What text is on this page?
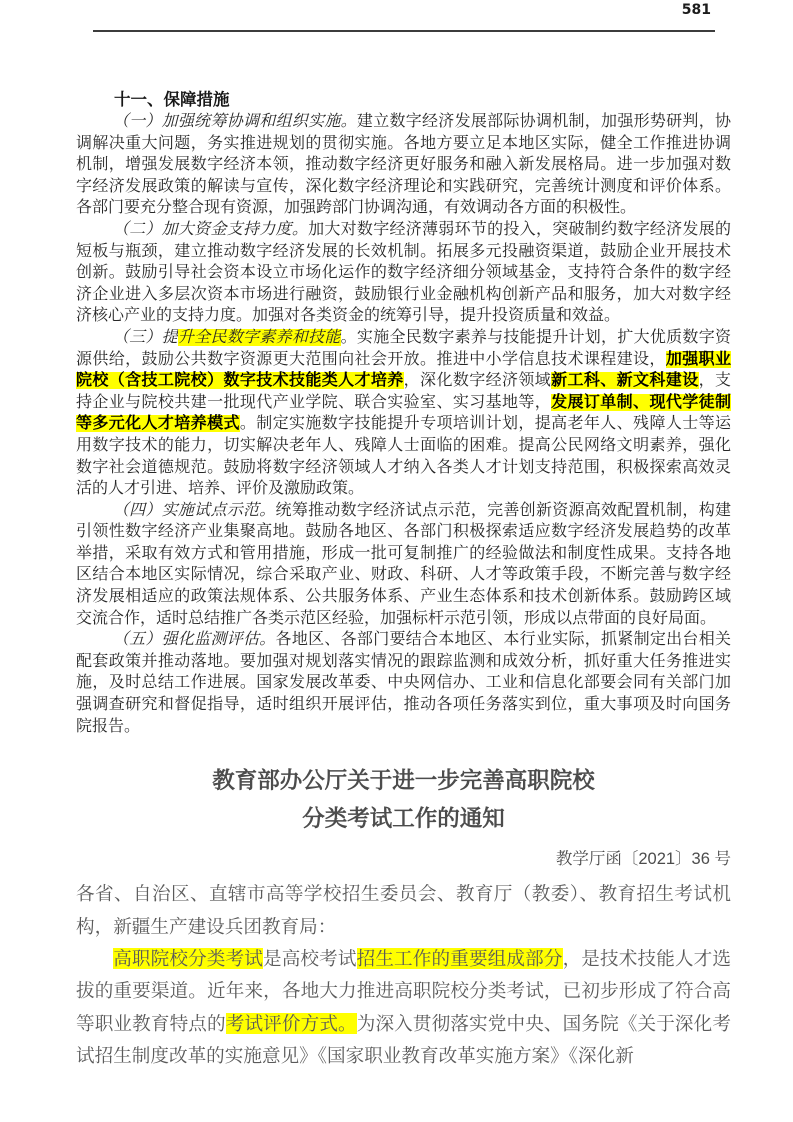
581
十一、保障措施

（一）加强统筹协调和组织实施。建立数字经济发展部际协调机制，加强形势研判，协调解决重大问题，务实推进规划的贯彻实施。各地方要立足本地区实际，健全工作推进协调机制，增强发展数字经济本领，推动数字经济更好服务和融入新发展格局。进一步加强对数字经济发展政策的解读与宣传，深化数字经济理论和实践研究，完善统计测度和评价体系。各部门要充分整合现有资源，加强跨部门协调沟通，有效调动各方面的积极性。

（二）加大资金支持力度。加大对数字经济薄弱环节的投入，突破制约数字经济发展的短板与瓶颈，建立推动数字经济发展的长效机制。拓展多元投融资渠道，鼓励企业开展技术创新。鼓励引导社会资本设立市场化运作的数字经济细分领域基金，支持符合条件的数字经济企业进入多层次资本市场进行融资，鼓励银行业金融机构创新产品和服务，加大对数字经济核心产业的支持力度。加强对各类资金的统筹引导，提升投资质量和效益。

（三）提升全民数字素养和技能。实施全民数字素养与技能提升计划，扩大优质数字资源供给，鼓励公共数字资源更大范围向社会开放。推进中小学信息技术课程建设，加强职业院校（含技工院校）数字技术技能类人才培养，深化数字经济领域新工科、新文科建设，支持企业与院校共建一批现代产业学院、联合实验室、实习基地等，发展订单制、现代学徒制等多元化人才培养模式。制定实施数字技能提升专项培训计划，提高老年人、残障人士等运用数字技术的能力，切实解决老年人、残障人士面临的困难。提高公民网络文明素养，强化数字社会道德规范。鼓励将数字经济领域人才纳入各类人才计划支持范围，积极探索高效灵活的人才引进、培养、评价及激励政策。

（四）实施试点示范。统筹推动数字经济试点示范，完善创新资源高效配置机制，构建引领性数字经济产业集聚高地。鼓励各地区、各部门积极探索适应数字经济发展趋势的改革举措，采取有效方式和管用措施，形成一批可复制推广的经验做法和制度性成果。支持各地区结合本地区实际情况，综合采取产业、财政、科研、人才等政策手段，不断完善与数字经济发展相适应的政策法规体系、公共服务体系、产业生态体系和技术创新体系。鼓励跨区域交流合作，适时总结推广各类示范区经验，加强标杆示范引领，形成以点带面的良好局面。

（五）强化监测评估。各地区、各部门要结合本地区、本行业实际，抓紧制定出台相关配套政策并推动落地。要加强对规划落实情况的跟踪监测和成效分析，抓好重大任务推进实施，及时总结工作进展。国家发展改革委、中央网信办、工业和信息化部要会同有关部门加强调查研究和督促指导，适时组织开展评估，推动各项任务落实到位，重大事项及时向国务院报告。

教育部办公厅关于进一步完善高职院校
分类考试工作的通知
教学厅函〔2021〕36 号

各省、自治区、直辖市高等学校招生委员会、教育厅（教委）、教育招生考试机构，新疆生产建设兵团教育局：

高职院校分类考试是高校考试招生工作的重要组成部分，是技术技能人才选拔的重要渠道。近年来，各地大力推进高职院校分类考试，已初步形成了符合高等职业教育特点的考试评价方式。为深入贯彻落实党中央、国务院《关于深化考试招生制度改革的实施意见》《国家职业教育改革实施方案》《深化新
